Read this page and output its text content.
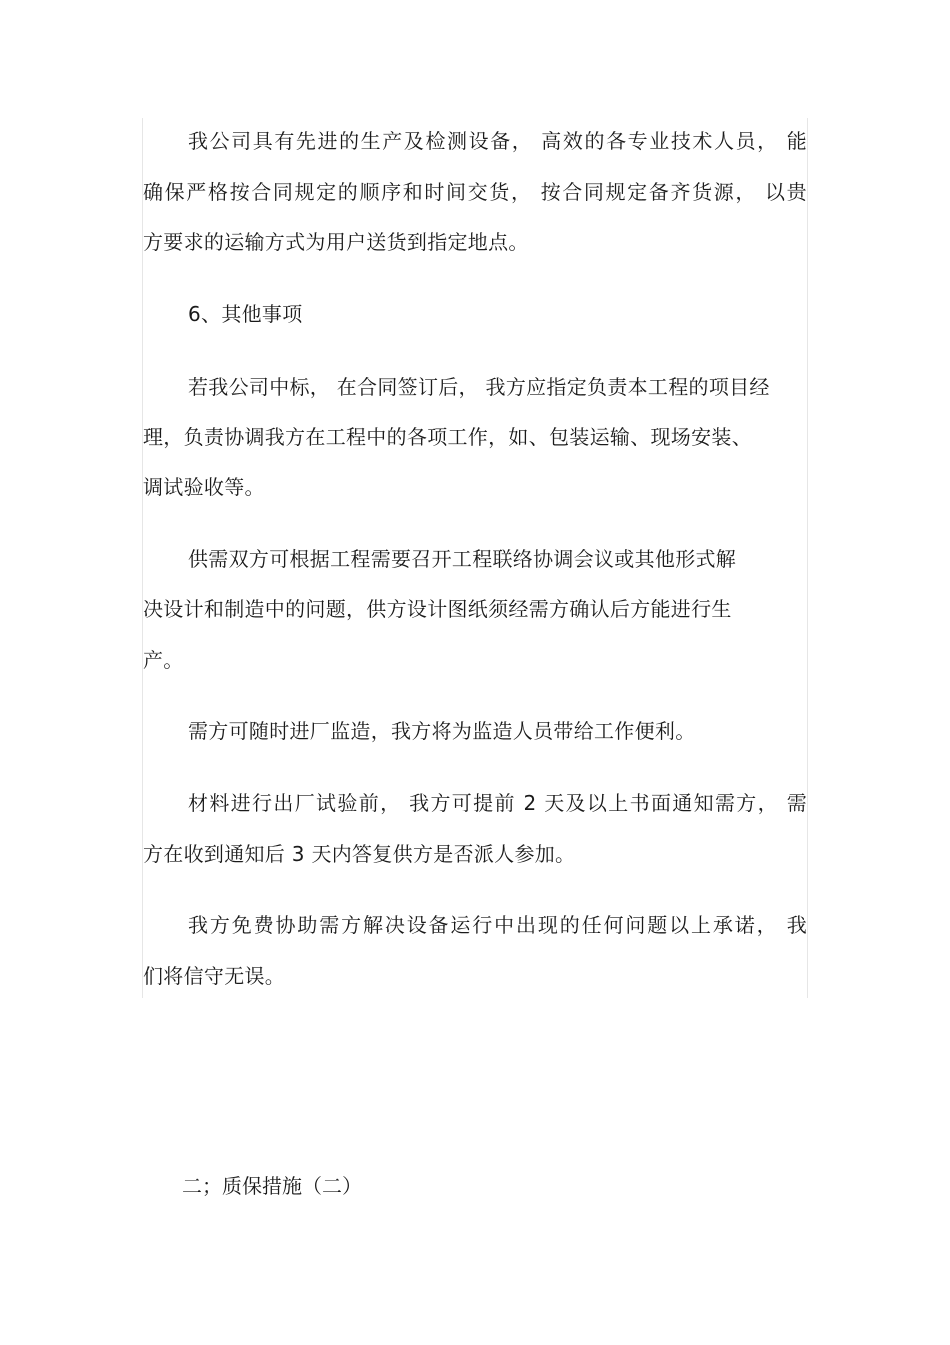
我公司具有先进的生产及检测设备， 高效的各专业技术人员， 能
确保严格按合同规定的顺序和时间交货， 按合同规定备齐货源， 以贵
方要求的运输方式为用户送货到指定地点。
6、其他事项
若我公司中标， 在合同签订后， 我方应指定负责本工程的项目经
理，负责协调我方在工程中的各项工作，如、包装运输、现场安装、
调试验收等。
供需双方可根据工程需要召开工程联络协调会议或其他形式解
决设计和制造中的问题，供方设计图纸须经需方确认后方能进行生
产。
需方可随时进厂监造，我方将为监造人员带给工作便利。
材料进行出厂试验前， 我方可提前 2 天及以上书面通知需方， 需
方在收到通知后 3 天内答复供方是否派人参加。
我方免费协助需方解决设备运行中出现的任何问题以上承诺， 我
们将信守无误。
二；质保措施（二）
